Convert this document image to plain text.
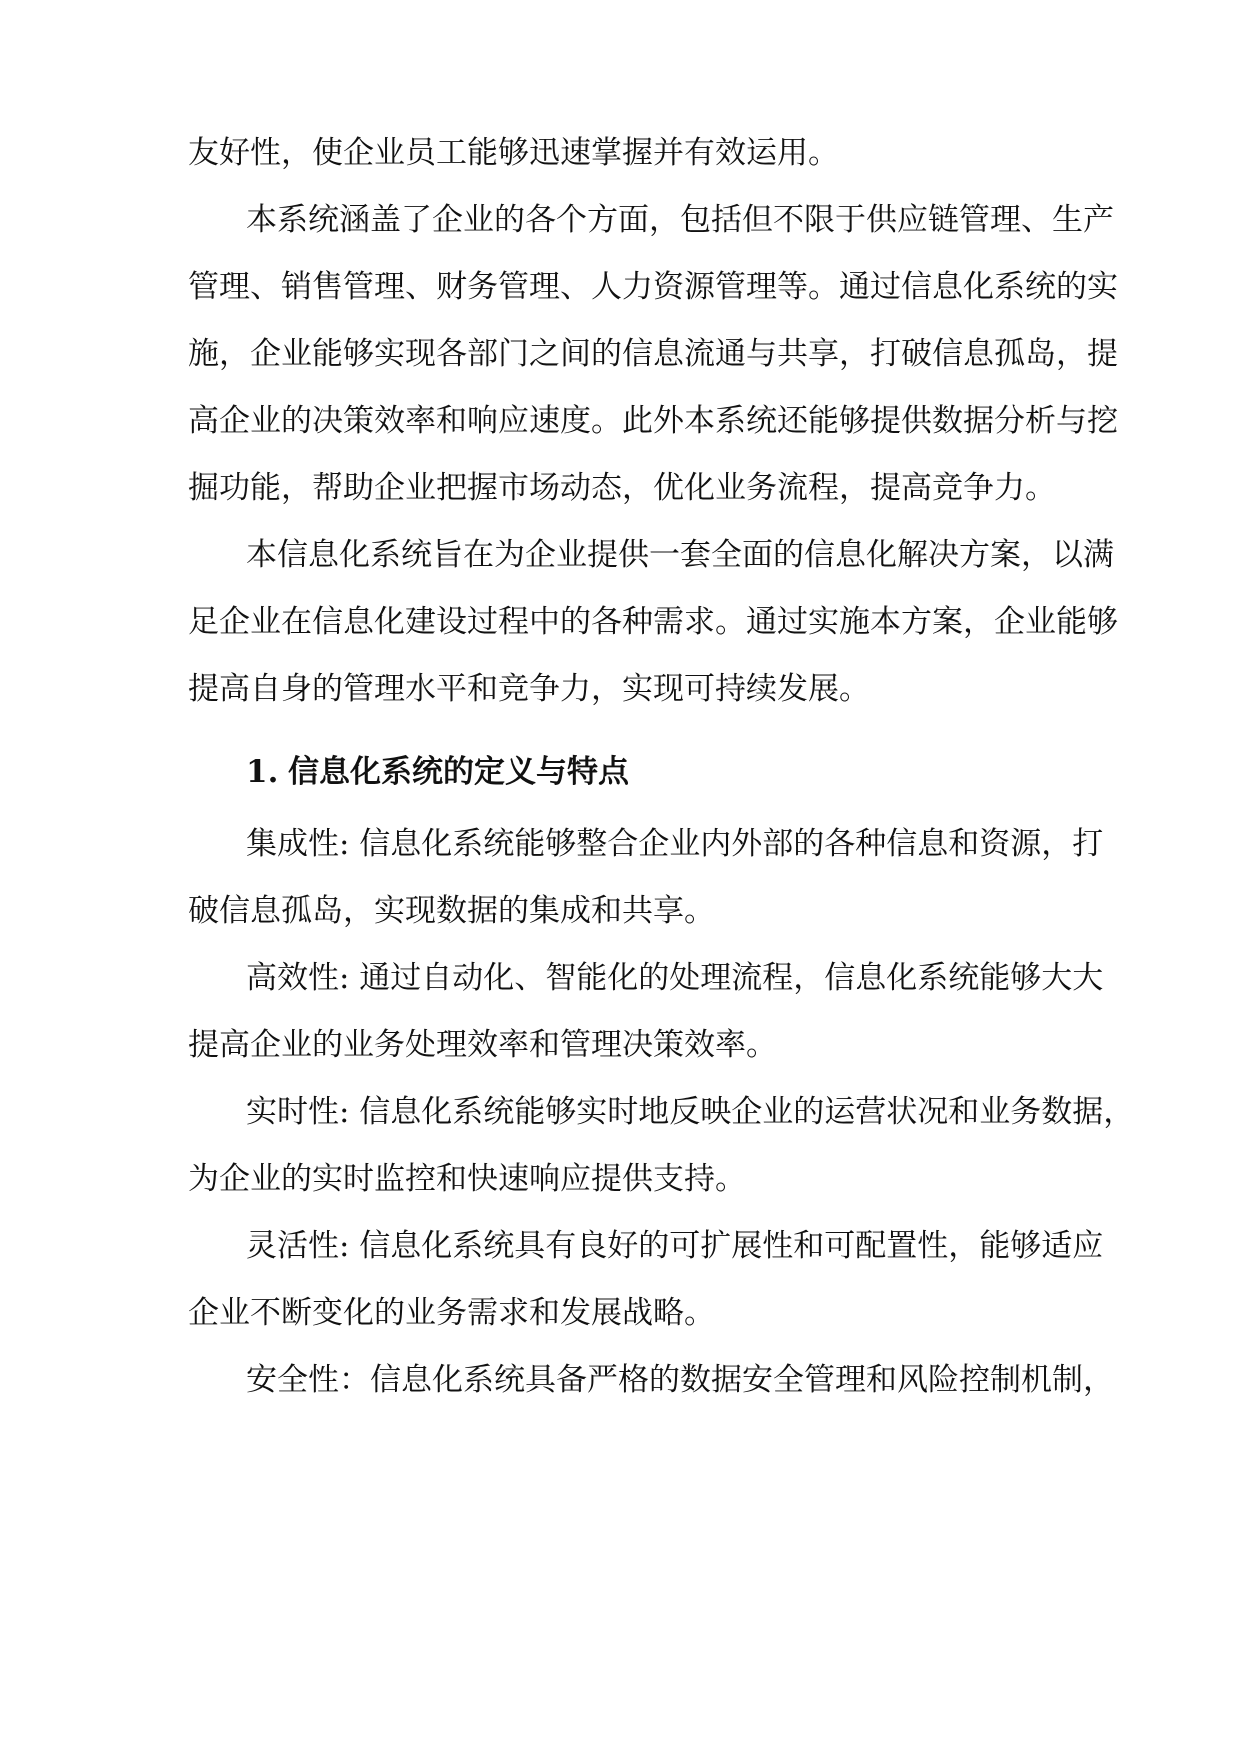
友好性，使企业员工能够迅速掌握并有效运用。
本系统涵盖了企业的各个方面，包括但不限于供应链管理、生产
管理、销售管理、财务管理、人力资源管理等。通过信息化系统的实
施，企业能够实现各部门之间的信息流通与共享，打破信息孤岛，提
高企业的决策效率和响应速度。此外本系统还能够提供数据分析与挖
掘功能，帮助企业把握市场动态，优化业务流程，提高竞争力。
本信息化系统旨在为企业提供一套全面的信息化解决方案，以满
足企业在信息化建设过程中的各种需求。通过实施本方案，企业能够
提高自身的管理水平和竞争力，实现可持续发展。
1. 信息化系统的定义与特点
集成性: 信息化系统能够整合企业内外部的各种信息和资源，打
破信息孤岛，实现数据的集成和共享。
高效性: 通过自动化、智能化的处理流程，信息化系统能够大大
提高企业的业务处理效率和管理决策效率。
实时性: 信息化系统能够实时地反映企业的运营状况和业务数据，
为企业的实时监控和快速响应提供支持。
灵活性: 信息化系统具有良好的可扩展性和可配置性，能够适应
企业不断变化的业务需求和发展战略。
安全性：信息化系统具备严格的数据安全管理和风险控制机制，
